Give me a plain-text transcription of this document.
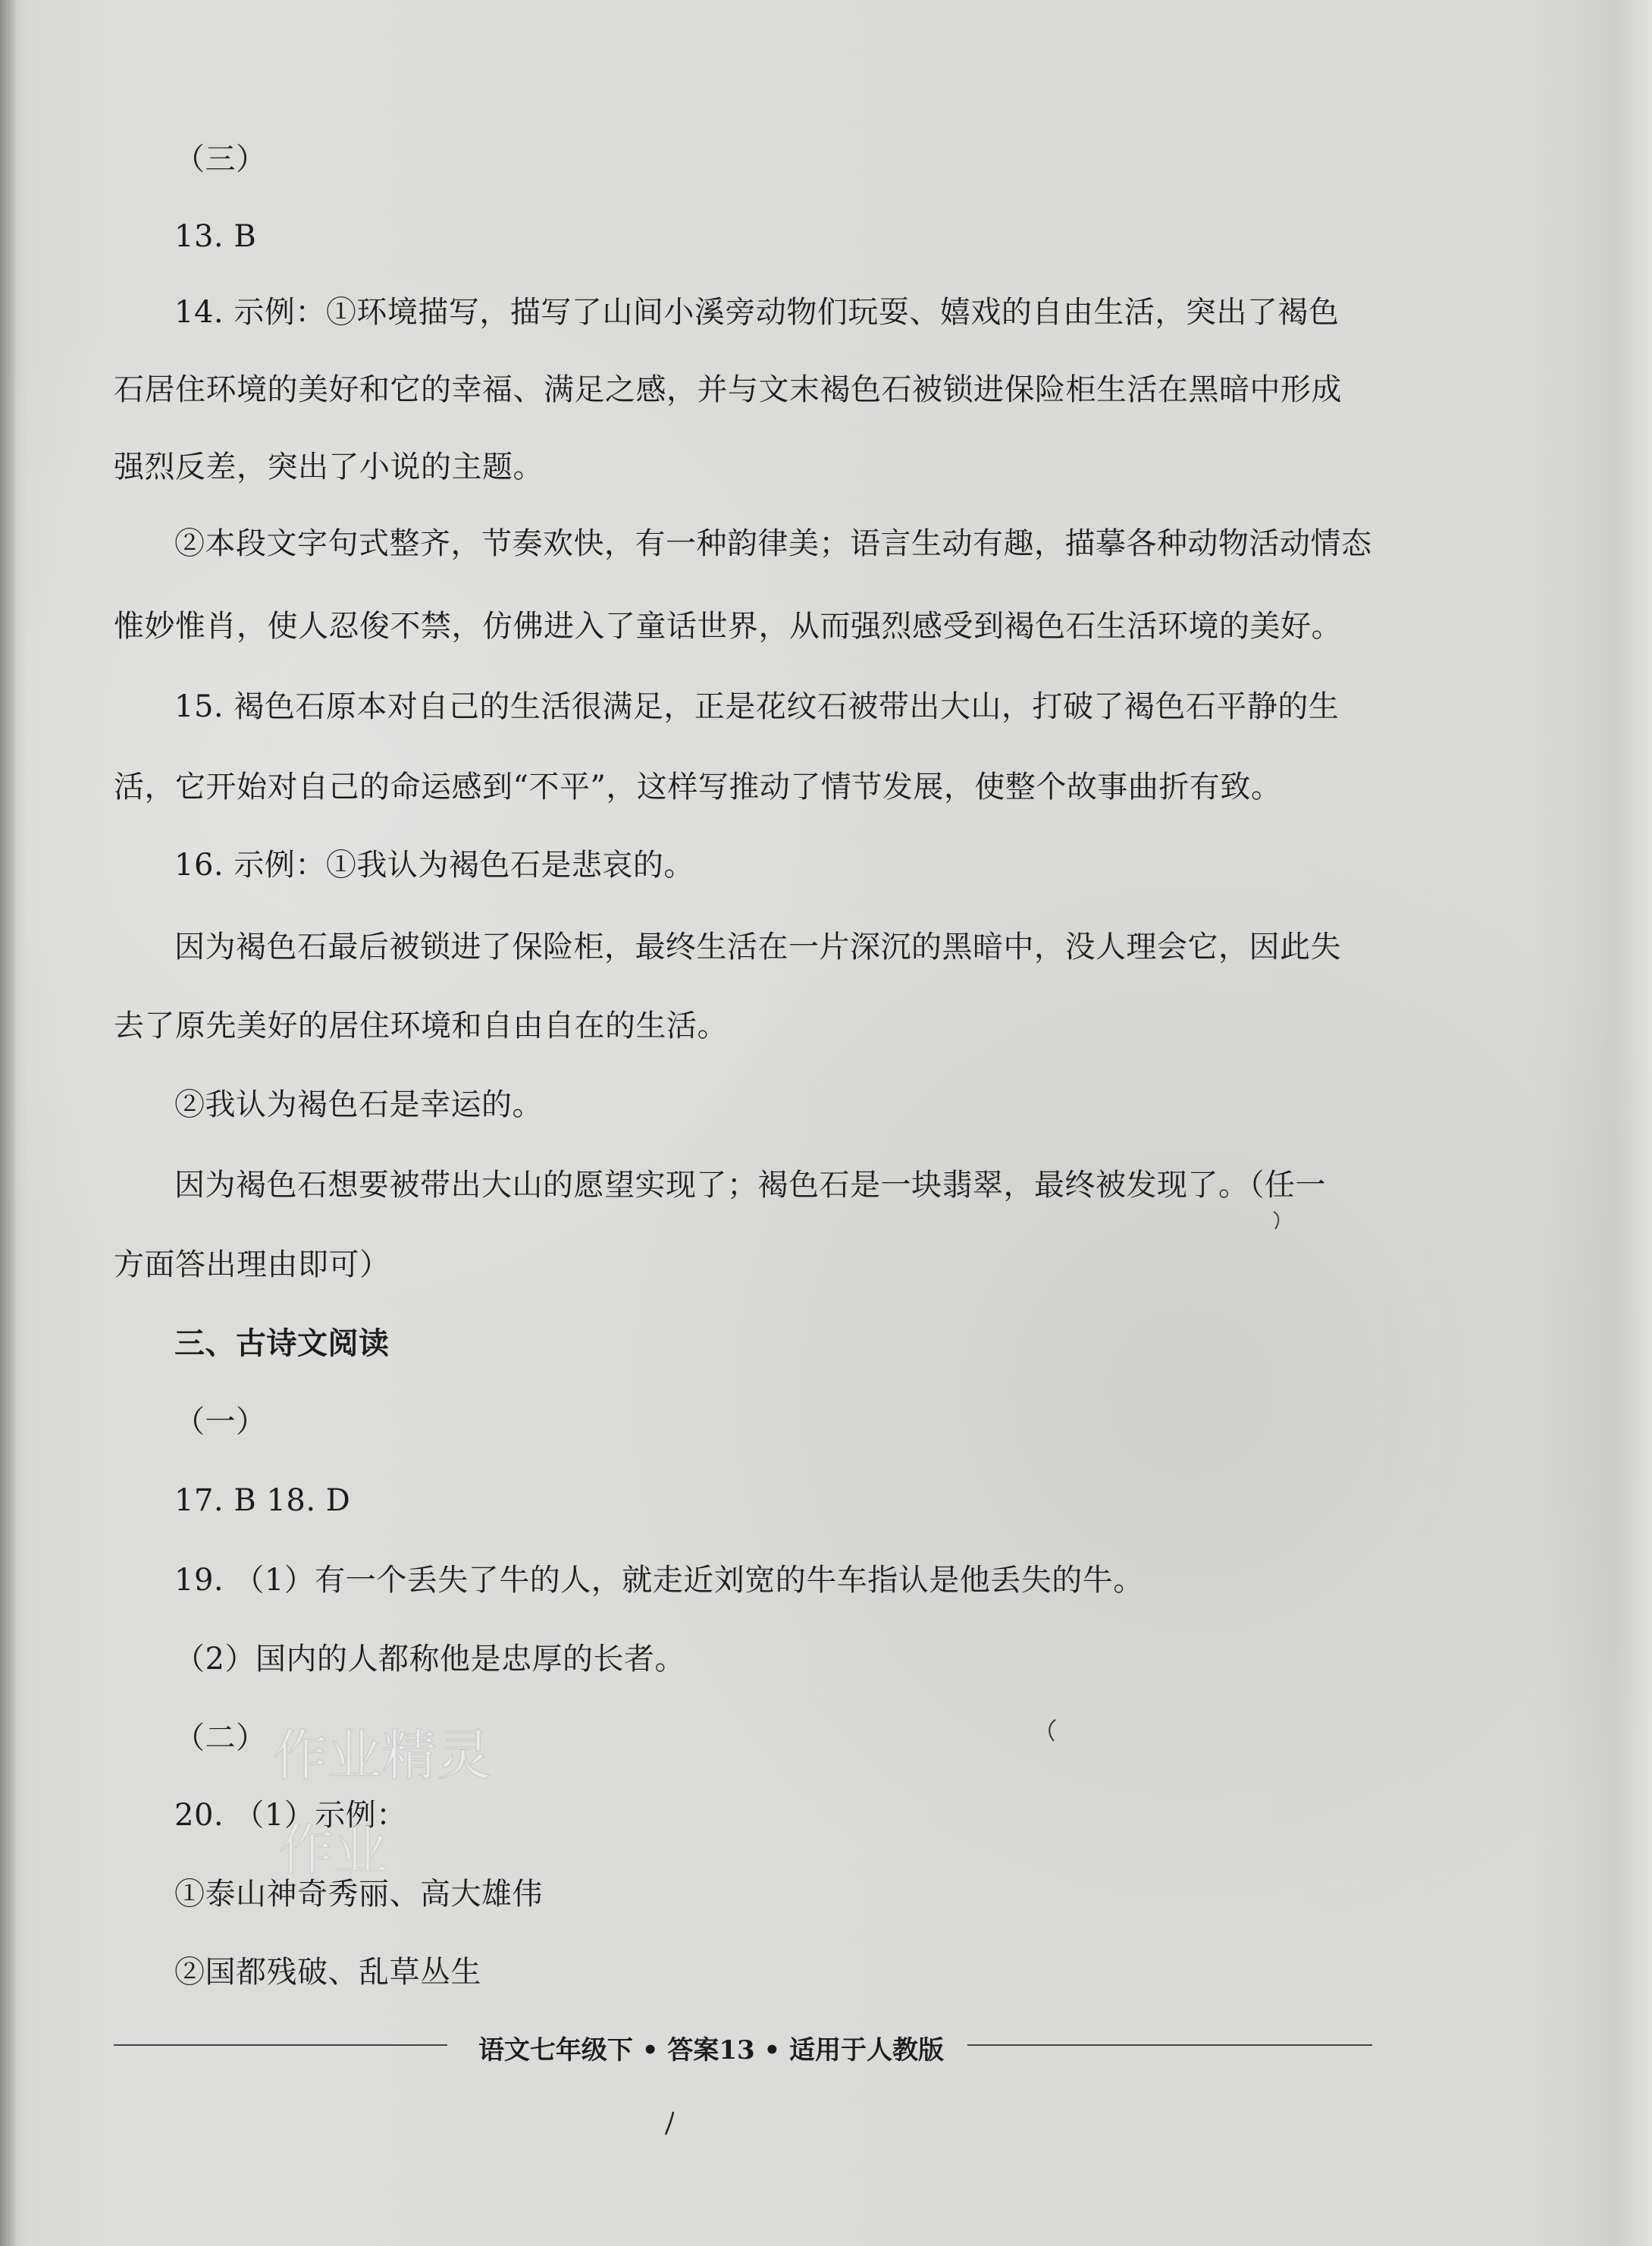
（三）
13. B
14. 示例：①环境描写，描写了山间小溪旁动物们玩耍、嬉戏的自由生活，突出了褐色
石居住环境的美好和它的幸福、满足之感，并与文末褐色石被锁进保险柜生活在黑暗中形成
强烈反差，突出了小说的主题。
②本段文字句式整齐，节奏欢快，有一种韵律美；语言生动有趣，描摹各种动物活动情态
惟妙惟肖，使人忍俊不禁，仿佛进入了童话世界，从而强烈感受到褐色石生活环境的美好。
15. 褐色石原本对自己的生活很满足，正是花纹石被带出大山，打破了褐色石平静的生
活，它开始对自己的命运感到“不平”，这样写推动了情节发展，使整个故事曲折有致。
16. 示例：①我认为褐色石是悲哀的。
因为褐色石最后被锁进了保险柜，最终生活在一片深沉的黑暗中，没人理会它，因此失
去了原先美好的居住环境和自由自在的生活。
②我认为褐色石是幸运的。
因为褐色石想要被带出大山的愿望实现了；褐色石是一块翡翠，最终被发现了。（任一
方面答出理由即可）
三、古诗文阅读
（一）
17. B 18. D
19. （1）有一个丢失了牛的人，就走近刘宽的牛车指认是他丢失的牛。
（2）国内的人都称他是忠厚的长者。
（二）
20. （1）示例：
①泰山神奇秀丽、高大雄伟
②国都残破、乱草丛生
作业精灵
作业
语文七年级下 • 答案13 • 适用于人教版
